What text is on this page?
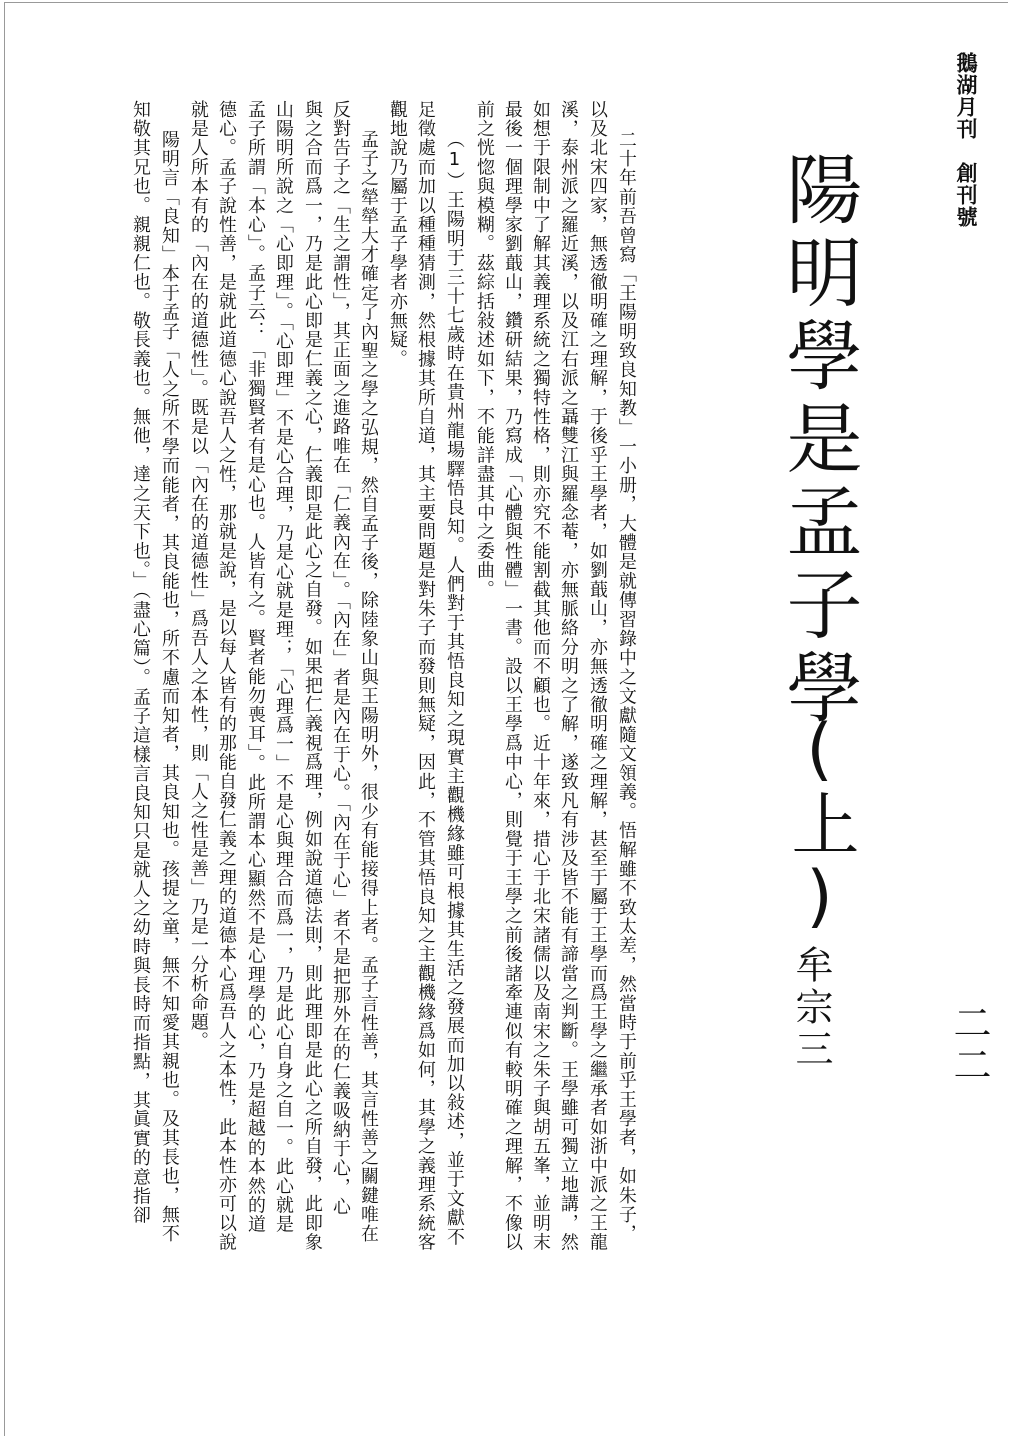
鵝湖月刊　創刊號
二二
陽明學是孟子學
(上)
牟宗三
二十年前吾曾寫「王陽明致良知教」一小册，大體是就傳習錄中之文獻隨文領義。悟解雖不致太差，然當時于前乎王學者，如朱子，
以及北宋四家，無透徹明確之理解，于後乎王學者，如劉蕺山，亦無透徹明確之理解，甚至于屬于王學而爲王學之繼承者如浙中派之王龍
溪，泰州派之羅近溪，以及江右派之聶雙江與羅念菴，亦無脈絡分明之了解，遂致凡有涉及皆不能有諦當之判斷。王學雖可獨立地講，然
如想于限制中了解其義理系統之獨特性格，則亦究不能割截其他而不顧也。近十年來，措心于北宋諸儒以及南宋之朱子與胡五峯，並明末
最後一個理學家劉蕺山，鑽研結果，乃寫成「心體與性體」一書。設以王學爲中心，則覺于王學之前後諸牽連似有較明確之理解，不像以
前之恍惚與模糊。茲綜括敍述如下，不能詳盡其中之委曲。
（1）王陽明于三十七歲時在貴州龍場驛悟良知。人們對于其悟良知之現實主觀機緣雖可根據其生活之發展而加以敍述，並于文獻不
足徵處而加以種種猜測，然根據其所自道，其主要問題是對朱子而發則無疑，因此，不管其悟良知之主觀機緣爲如何，其學之義理系統客
觀地說乃屬于孟子學者亦無疑。
孟子之犖犖大才確定了內聖之學之弘規，然自孟子後，除陸象山與王陽明外，很少有能接得上者。孟子言性善，其言性善之關鍵唯在
反對告子之「生之謂性」，其正面之進路唯在「仁義內在」。「內在」者是內在于心。「內在于心」者不是把那外在的仁義吸納于心，心
與之合而爲一，乃是此心即是仁義之心，仁義即是此心之自發。如果把仁義視爲理，例如說道德法則，則此理即是此心之所自發，此即象
山陽明所說之「心即理」。「心即理」不是心合理，乃是心就是理；「心理爲一」不是心與理合而爲一，乃是此心自身之自一。此心就是
孟子所謂「本心」。孟子云：「非獨賢者有是心也。人皆有之。賢者能勿喪耳」。此所謂本心顯然不是心理學的心，乃是超越的本然的道
德心。孟子說性善，是就此道德心說吾人之性，那就是說，是以每人皆有的那能自發仁義之理的道德本心爲吾人之本性，此本性亦可以說
就是人所本有的「內在的道德性」。既是以「內在的道德性」爲吾人之本性，則「人之性是善」乃是一分析命題。
陽明言「良知」本于孟子「人之所不學而能者，其良能也，所不慮而知者，其良知也。孩提之童，無不知愛其親也。及其長也，無不
知敬其兄也。親親仁也。敬長義也。無他，達之天下也。」（盡心篇）。孟子這樣言良知只是就人之幼時與長時而指點，其眞實的意指卻
